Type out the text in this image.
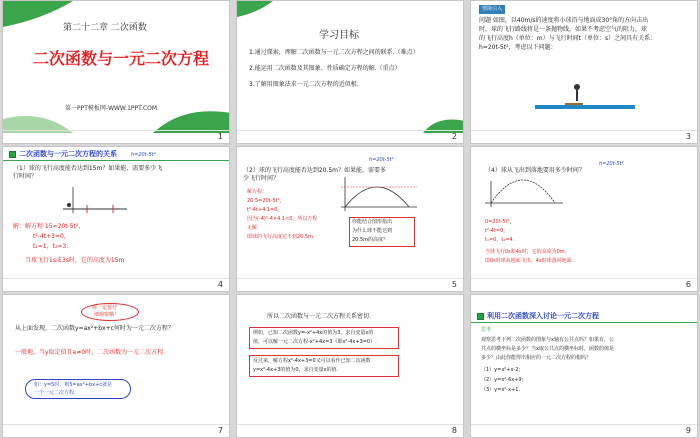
第二十二章 二次函数
二次函数与一元二次方程
第一PPT模板网-WWW.1PPT.COM
1
学习目标
1.通过探索，理解二次函数与一元二次方程之间的联系.（难点）
2.能运用二次函数及其图象、性质确定方程的解.（重点）
3.了解用图象法求一元二次方程的近似根.
2
情境引入
问题 如图，以40m/s的速度将小球沿与地面成30°角的方向击出
时，球的飞行路线将是一条抛物线，如果不考虑空气的阻力，球
的飞行高度h（单位：m）与飞行时间t（单位：s）之间具有关系：
h=20t-5t²，考虑以下问题：
3
二次函数与一元二次方程的关系	h=20t-5t²
（1）球的飞行高度能否达到15m？如果能，需要多少飞
行时间？
解：解方程 15=20t-5t²，
t²-4t+3=0，
t₁=1，t₂=3.
当球飞行1s或3s时，它的高度为15m
4
h=20t-5t²
（2）球的飞行高度能否达到20.5m？如果能，需要多
少飞行时间？
解方程：
20.5=20t-5t²，
t²-4t+4.1=0，
因为(-4)²-4×4.1<0，所以方程
无解.
即球的飞行高度达不到20.5m.
你能结合图形指出
为什么球不能达到
20.5m的高度？
5
h=20t-5t²
（4）球从飞出到落地要用多少时间？
0=20t-5t²，
t²-4t=0，
t₁=0，t₂=4.
当球飞行0s和4s时，它的高度为0m，
即0s时球从地面飞出，4s时球落回地面.
6
你一定要仔
细观察哦！
从上面发现，二次函数y=ax²+bx+c何时为一元二次方程？
一般地，当y取定值且a≠0时，二次函数为一元二次方程.
如：y=5时，则5=ax²+bx+c就是
一个一元二次方程.
7
所以二次函数与一元二次方程关系密切.
例如，已知二次函数y=-x²+4x的值为3，求自变量x的
值，可以解一元二次方程-x²+4x=3（即x²-4x+3=0）.
反过来，解方程x²-4x+3=0又可以看作已知二次函数
y=x²-4x+3的值为0，求自变量x的值.
8
利用二次函数深入讨论一元二次方程
思考
观察思考下列二次函数的图象与x轴有公共点吗？如果有，公
共点的横坐标是多少？当x取公共点的横坐标时，函数的值是
多少？由此你能得出相应的一元二次方程的根吗？
（1）y=x²+x-2；
（2）y=x²-6x+9；
（3）y=x²-x+1.
9
